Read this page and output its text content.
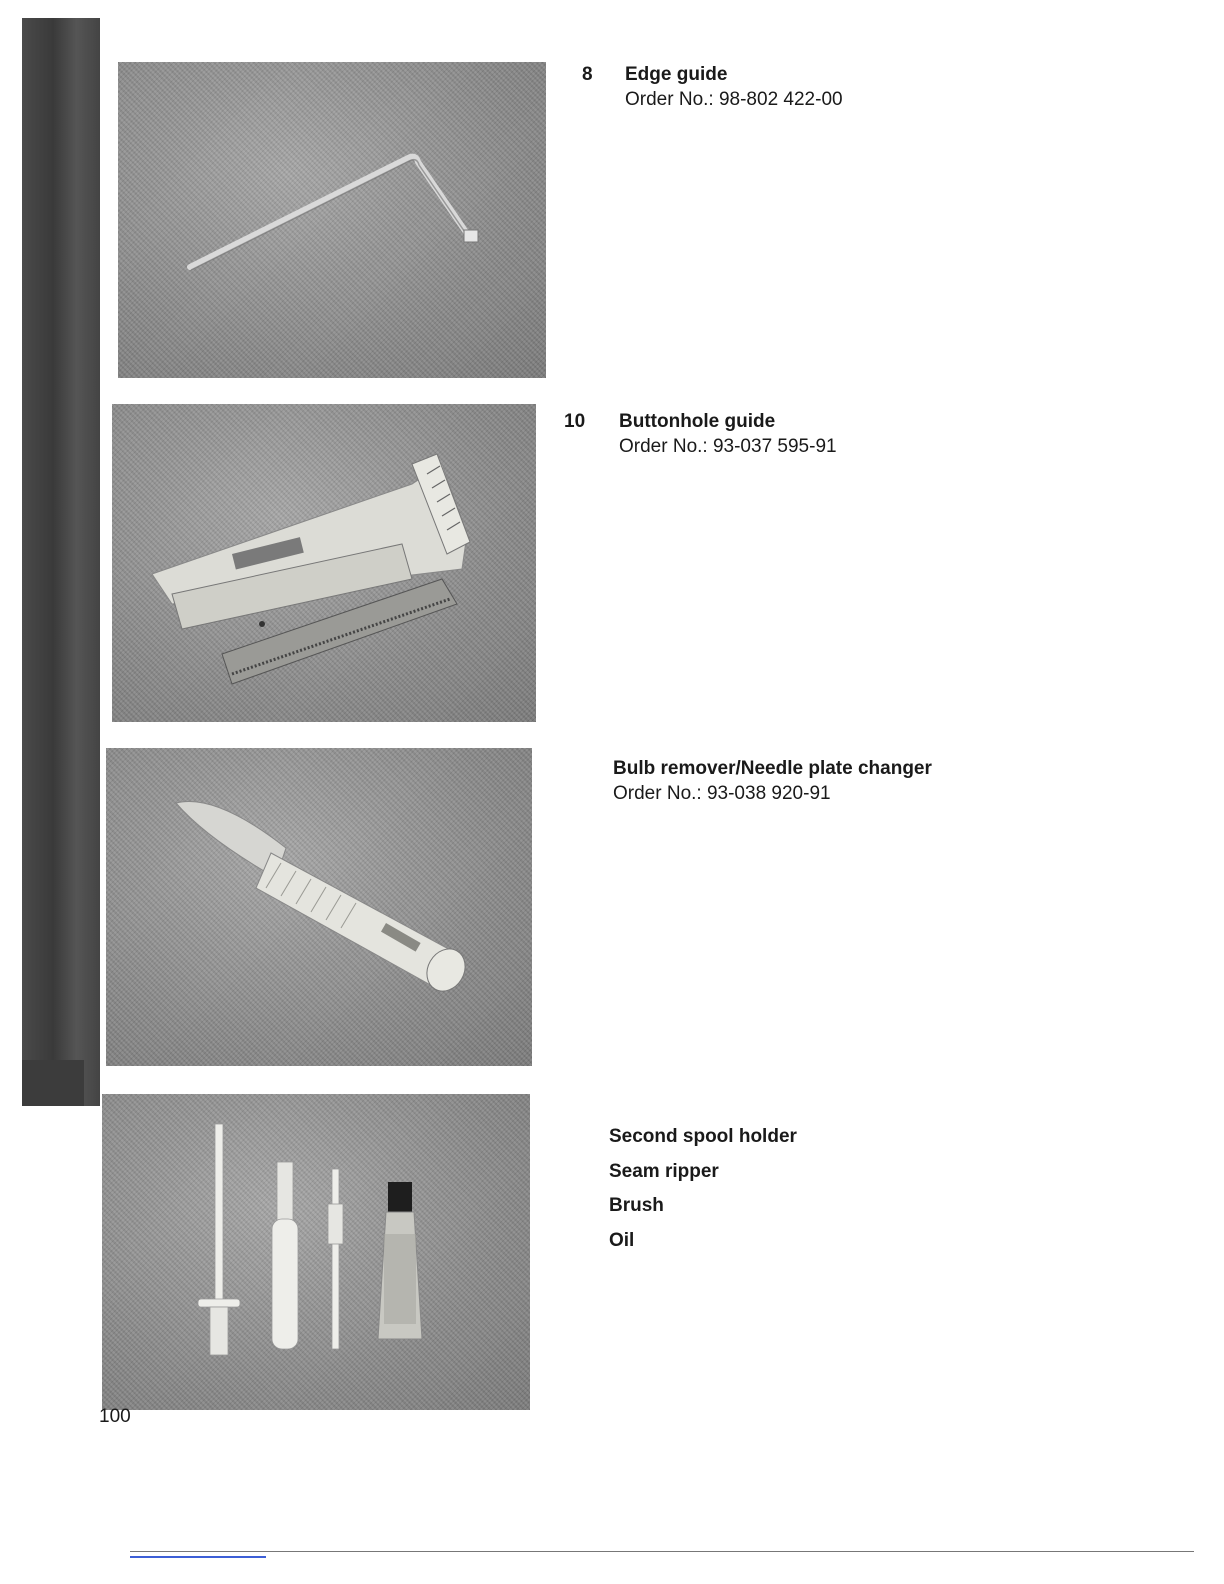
8	Edge guide
Order No.: 98-802 422-00
10	Buttonhole guide
Order No.: 93-037 595-91
Bulb remover/Needle plate changer
Order No.: 93-038 920-91
Second spool holder
Seam ripper
Brush
Oil
100
